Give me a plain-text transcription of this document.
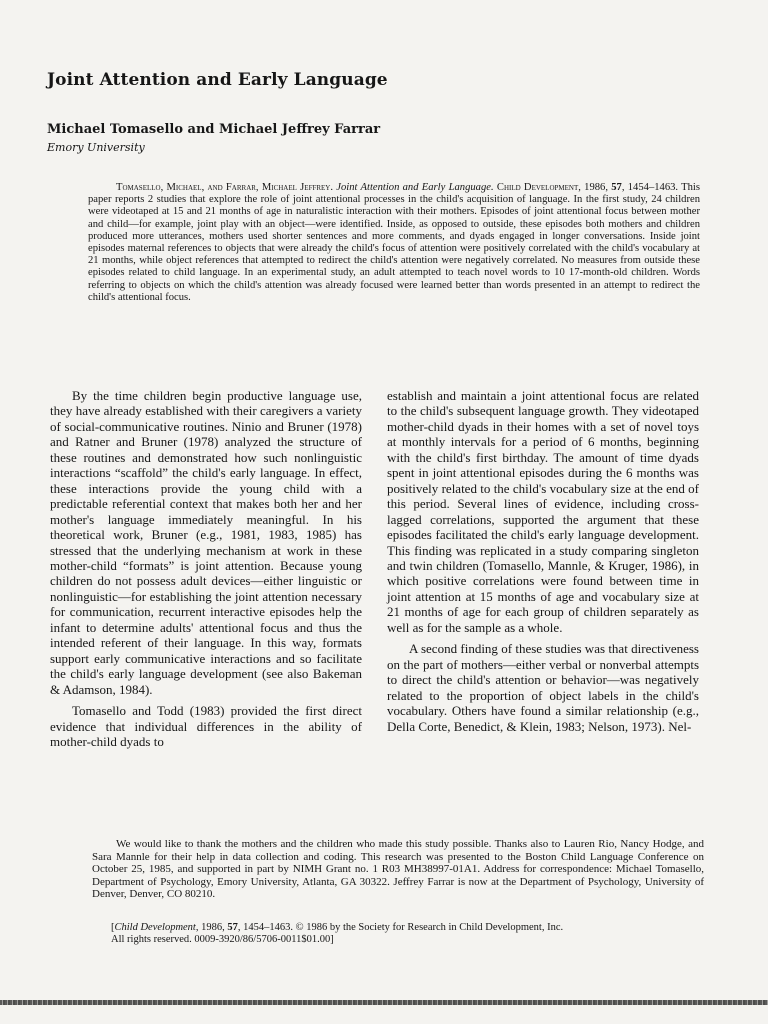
Joint Attention and Early Language
Michael Tomasello and Michael Jeffrey Farrar
Emory University

Tomasello, Michael, and Farrar, Michael Jeffrey. Joint Attention and Early Language. Child Development, 1986, 57, 1454–1463. This paper reports 2 studies that explore the role of joint attentional processes in the child's acquisition of language. In the first study, 24 children were videotaped at 15 and 21 months of age in naturalistic interaction with their mothers. Episodes of joint attentional focus between mother and child—for example, joint play with an object—were identified. Inside, as opposed to outside, these episodes both mothers and children produced more utterances, mothers used shorter sentences and more comments, and dyads engaged in longer conversations. Inside joint episodes maternal references to objects that were already the child's focus of attention were positively correlated with the child's vocabulary at 21 months, while object references that attempted to redirect the child's attention were negatively correlated. No measures from outside these episodes related to child language. In an experimental study, an adult attempted to teach novel words to 10 17-month-old children. Words referring to objects on which the child's attention was already focused were learned better than words presented in an attempt to redirect the child's attentional focus.

By the time children begin productive language use, they have already established with their caregivers a variety of social-communicative routines. Ninio and Bruner (1978) and Ratner and Bruner (1978) analyzed the structure of these routines and demonstrated how such nonlinguistic interactions “scaffold” the child's early language. In effect, these interactions provide the young child with a predictable referential context that makes both her and her mother's language immediately meaningful. In his theoretical work, Bruner (e.g., 1981, 1983, 1985) has stressed that the underlying mechanism at work in these mother-child “formats” is joint attention. Because young children do not possess adult devices—either linguistic or nonlinguistic—for establishing the joint attention necessary for communication, recurrent interactive episodes help the infant to determine adults' attentional focus and thus the intended referent of their language. In this way, formats support early communicative interactions and so facilitate the child's early language development (see also Bakeman & Adamson, 1984).

Tomasello and Todd (1983) provided the first direct evidence that individual differences in the ability of mother-child dyads to

establish and maintain a joint attentional focus are related to the child's subsequent language growth. They videotaped mother-child dyads in their homes with a set of novel toys at monthly intervals for a period of 6 months, beginning with the child's first birthday. The amount of time dyads spent in joint attentional episodes during the 6 months was positively related to the child's vocabulary size at the end of this period. Several lines of evidence, including cross-lagged correlations, supported the argument that these episodes facilitated the child's early language development. This finding was replicated in a study comparing singleton and twin children (Tomasello, Mannle, & Kruger, 1986), in which positive correlations were found between time in joint attention at 15 months of age and vocabulary size at 21 months of age for each group of children separately as well as for the sample as a whole.

A second finding of these studies was that directiveness on the part of mothers—either verbal or nonverbal attempts to direct the child's attention or behavior—was negatively related to the proportion of object labels in the child's vocabulary. Others have found a similar relationship (e.g., Della Corte, Benedict, & Klein, 1983; Nelson, 1973). Nel-

We would like to thank the mothers and the children who made this study possible. Thanks also to Lauren Rio, Nancy Hodge, and Sara Mannle for their help in data collection and coding. This research was presented to the Boston Child Language Conference on October 25, 1985, and supported in part by NIMH Grant no. 1 R03 MH38997-01A1. Address for correspondence: Michael Tomasello, Department of Psychology, Emory University, Atlanta, GA 30322. Jeffrey Farrar is now at the Department of Psychology, University of Denver, Denver, CO 80210.

[Child Development, 1986, 57, 1454–1463. © 1986 by the Society for Research in Child Development, Inc.
All rights reserved. 0009-3920/86/5706-0011$01.00]
